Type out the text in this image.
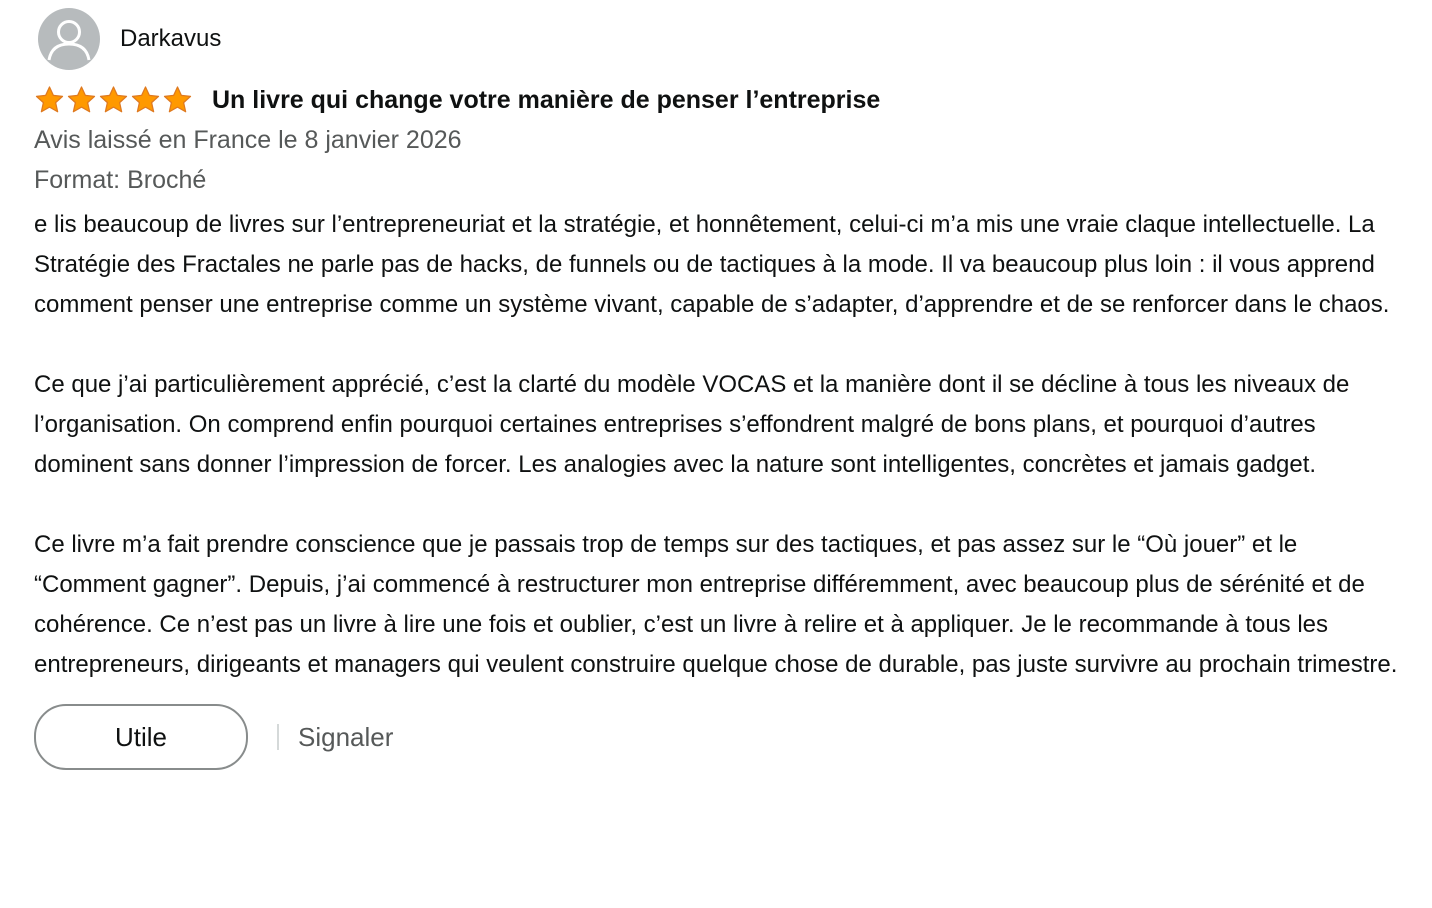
Darkavus
Un livre qui change votre manière de penser l’entreprise
Avis laissé en France le 8 janvier 2026
Format: Broché

e lis beaucoup de livres sur l’entrepreneuriat et la stratégie, et honnêtement, celui-ci m’a mis une vraie claque intellectuelle. La Stratégie des Fractales ne parle pas de hacks, de funnels ou de tactiques à la mode. Il va beaucoup plus loin : il vous apprend comment penser une entreprise comme un système vivant, capable de s’adapter, d’apprendre et de se renforcer dans le chaos.

Ce que j’ai particulièrement apprécié, c’est la clarté du modèle VOCAS et la manière dont il se décline à tous les niveaux de l’organisation. On comprend enfin pourquoi certaines entreprises s’effondrent malgré de bons plans, et pourquoi d’autres dominent sans donner l’impression de forcer. Les analogies avec la nature sont intelligentes, concrètes et jamais gadget.

Ce livre m’a fait prendre conscience que je passais trop de temps sur des tactiques, et pas assez sur le “Où jouer” et le “Comment gagner”. Depuis, j’ai commencé à restructurer mon entreprise différemment, avec beaucoup plus de sérénité et de cohérence. Ce n’est pas un livre à lire une fois et oublier, c’est un livre à relire et à appliquer. Je le recommande à tous les entrepreneurs, dirigeants et managers qui veulent construire quelque chose de durable, pas juste survivre au prochain trimestre.

Utile	Signaler
